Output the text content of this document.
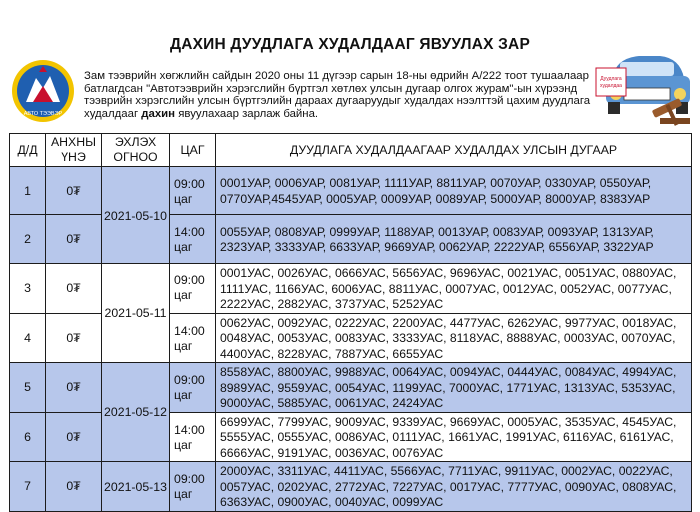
ДАХИН ДУУДЛАГА ХУДАЛДААГ ЯВУУЛАХ ЗАР
АВТО ТЭЭВЭР
Зам тээврийн хөгжлийн сайдын 2020 оны 11 дүгээр сарын 18-ны өдрийн А/222 тоот тушаалаар
батлагдсан "Автотээврийн хэрэгслийн бүртгэл хөтлөх улсын дугаар олгох журам"-ын хүрээнд
тээврийн хэрэгслийн улсын бүртгэлийн дараах дугааруудыг худалдах нээлттэй цахим дуудлага
худалдааг дахин явуулахаар зарлаж байна.
Дуудлага
худалдаа
Д/Д	АНХНЫ ҮНЭ	ЭХЛЭХ ОГНОО	ЦАГ	ДУУДЛАГА ХУДАЛДААГААР ХУДАЛДАХ УЛСЫН ДУГААР
1	0₮	2021-05-10	09:00 цаг	0001УАР, 0006УАР, 0081УАР, 1111УАР, 8811УАР, 0070УАР, 0330УАР, 0550УАР, 0770УАР,4545УАР, 0005УАР, 0009УАР, 0089УАР, 5000УАР, 8000УАР, 8383УАР
2	0₮		14:00 цаг	0055УАР, 0808УАР, 0999УАР, 1188УАР, 0013УАР, 0083УАР, 0093УАР, 1313УАР, 2323УАР, 3333УАР, 6633УАР, 9669УАР, 0062УАР, 2222УАР, 6556УАР, 3322УАР
3	0₮	2021-05-11	09:00 цаг	0001УАС, 0026УАС, 0666УАС, 5656УАС, 9696УАС, 0021УАС, 0051УАС, 0880УАС, 1111УАС, 1166УАС, 6006УАС, 8811УАС, 0007УАС, 0012УАС, 0052УАС, 0077УАС, 2222УАС, 2882УАС, 3737УАС, 5252УАС
4	0₮		14:00 цаг	0062УАС, 0092УАС, 0222УАС, 2200УАС, 4477УАС, 6262УАС, 9977УАС, 0018УАС, 0048УАС, 0053УАС, 0083УАС, 3333УАС, 8118УАС, 8888УАС, 0003УАС, 0070УАС, 4400УАС, 8228УАС, 7887УАС, 6655УАС
5	0₮	2021-05-12	09:00 цаг	8558УАС, 8800УАС, 9988УАС, 0064УАС, 0094УАС, 0444УАС, 0084УАС, 4994УАС, 8989УАС, 9559УАС, 0054УАС, 1199УАС, 7000УАС, 1771УАС, 1313УАС, 5353УАС, 9000УАС, 5885УАС, 0061УАС, 2424УАС
6	0₮		14:00 цаг	6699УАС, 7799УАС, 9009УАС, 9339УАС, 9669УАС, 0005УАС, 3535УАС, 4545УАС, 5555УАС, 0555УАС, 0086УАС, 0111УАС, 1661УАС, 1991УАС, 6116УАС, 6161УАС, 6666УАС, 9191УАС, 0036УАС, 0076УАС
7	0₮	2021-05-13	09:00 цаг	2000УАС, 3311УАС, 4411УАС, 5566УАС, 7711УАС, 9911УАС, 0002УАС, 0022УАС, 0057УАС, 0202УАС, 2772УАС, 7227УАС, 0017УАС, 7777УАС, 0090УАС, 0808УАС, 6363УАС, 0900УАС, 0040УАС, 0099УАС
